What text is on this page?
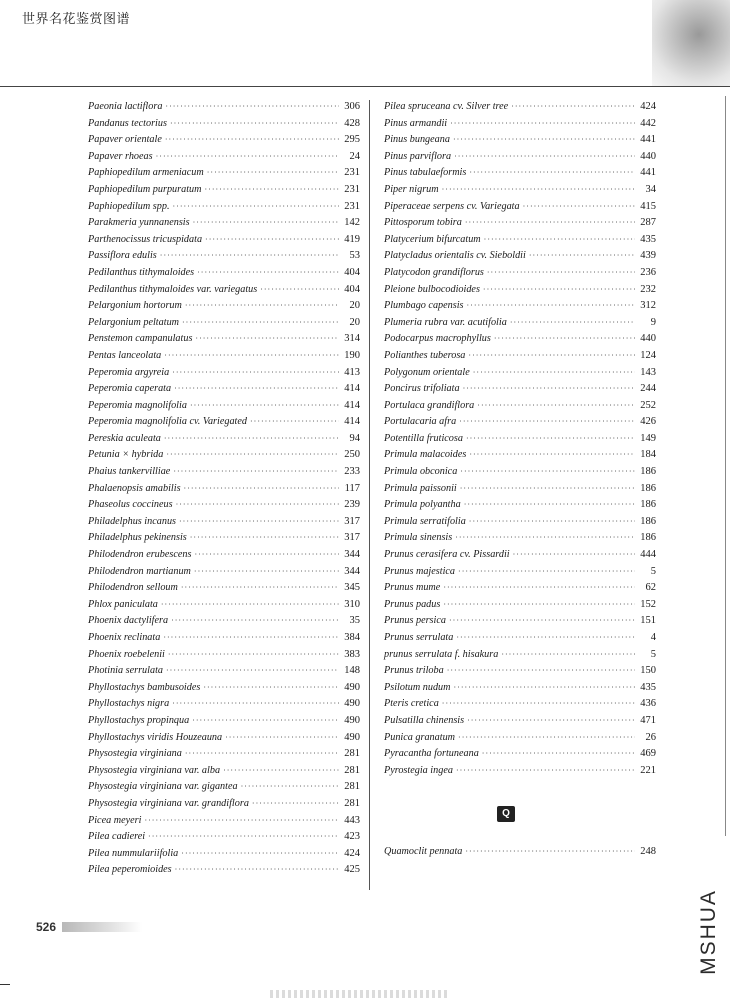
世界名花鉴赏图谱
Paeonia lactiflora ·····	306
Pandanus tectorius ·····	428
Papaver orientale ·····	295
Papaver rhoeas ·····	24
Paphiopedilum armeniacum ·····	231
Paphiopedilum purpuratum ·····	231
Paphiopedilum spp. ·····	231
Parakmeria yunnanensis ·····	142
Parthenocissus tricuspidata ·····	419
Passiflora edulis ·····	53
Pedilanthus tithymaloides ·····	404
Pedilanthus tithymaloides var. variegatus ·····	404
Pelargonium hortorum ·····	20
Pelargonium peltatum ·····	20
Penstemon campanulatus ·····	314
Pentas lanceolata ·····	190
Peperomia argyreia ·····	413
Peperomia caperata ·····	414
Peperomia magnolifolia ·····	414
Peperomia magnolifolia cv. Variegated ·····	414
Pereskia aculeata ·····	94
Petunia × hybrida ·····	250
Phaius tankervilliae ·····	233
Phalaenopsis amabilis ·····	117
Phaseolus coccineus ·····	239
Philadelphus incanus ·····	317
Philadelphus pekinensis ·····	317
Philodendron erubescens ·····	344
Philodendron martianum ·····	344
Philodendron selloum ·····	345
Phlox paniculata ·····	310
Phoenix dactylifera ·····	35
Phoenix reclinata ·····	384
Phoenix roebelenii ·····	383
Photinia serrulata ·····	148
Phyllostachys bambusoides ·····	490
Phyllostachys nigra ·····	490
Phyllostachys propinqua ·····	490
Phyllostachys viridis Houzeauna ·····	490
Physostegia virginiana ·····	281
Physostegia virginiana var. alba ·····	281
Physostegia virginiana var. gigantea ·····	281
Physostegia virginiana var. grandiflora ·····	281
Picea meyeri ·····	443
Pilea cadierei ·····	423
Pilea nummulariifolia ·····	424
Pilea peperomioides ·····	425
Pilea spruceana cv. Silver tree ·····	424
Pinus armandii ·····	442
Pinus bungeana ·····	441
Pinus parviflora ·····	440
Pinus tabulaeformis ·····	441
Piper nigrum ·····	34
Piperaceae serpens cv. Variegata ·····	415
Pittosporum tobira ·····	287
Platycerium bifurcatum ·····	435
Platycladus orientalis cv. Sieboldii ·····	439
Platycodon grandiflorus ·····	236
Pleione bulbocodioides ·····	232
Plumbago capensis ·····	312
Plumeria rubra var. acutifolia ·····	9
Podocarpus macrophyllus ·····	440
Polianthes tuberosa ·····	124
Polygonum orientale ·····	143
Poncirus trifoliata ·····	244
Portulaca grandiflora ·····	252
Portulacaria afra ·····	426
Potentilla fruticosa ·····	149
Primula malacoides ·····	184
Primula obconica ·····	186
Primula paissonii ·····	186
Primula polyantha ·····	186
Primula serratifolia ·····	186
Primula sinensis ·····	186
Prunus cerasifera cv. Pissardii ·····	444
Prunus majestica ·····	5
Prunus mume ·····	62
Prunus padus ·····	152
Prunus persica ·····	151
Prunus serrulata ·····	4
prunus serrulata f. hisakura ·····	5
Prunus triloba ·····	150
Psilotum nudum ·····	435
Pteris cretica ·····	436
Pulsatilla chinensis ·····	471
Punica granatum ·····	26
Pyracantha fortuneana ·····	469
Pyrostegia ingea ·····	221
Q
Quamoclit pennata ·····	248
526	MSHUA
